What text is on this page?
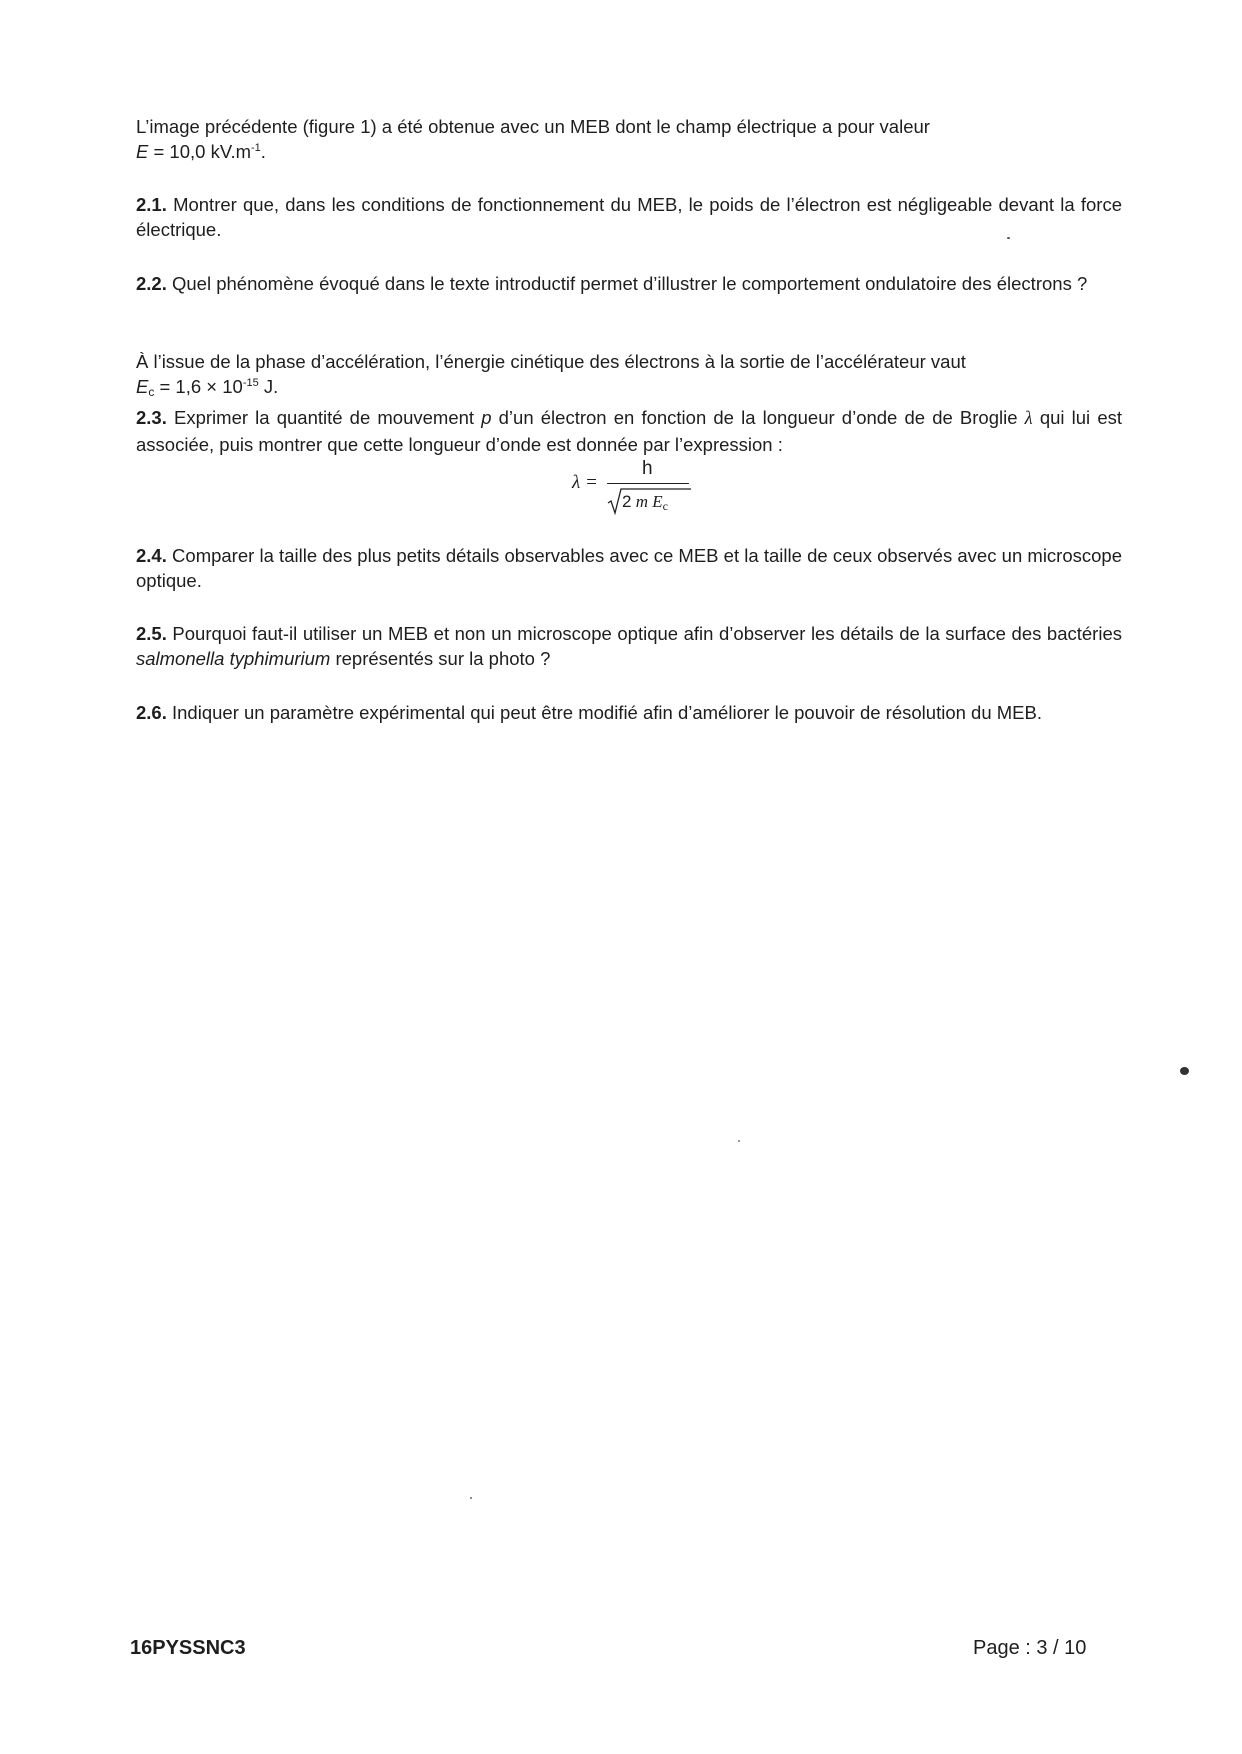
L’image précédente (figure 1) a été obtenue avec un MEB dont le champ électrique a pour valeur
E = 10,0 $kV.m^{-1}$.
2.1. Montrer que, dans les conditions de fonctionnement du MEB, le poids de l’électron est négligeable devant la force électrique.
2.2. Quel phénomène évoqué dans le texte introductif permet d’illustrer le comportement ondulatoire des électrons ?
À l’issue de la phase d’accélération, l’énergie cinétique des électrons à la sortie de l’accélérateur vaut
$E_c = 1,6 \times 10^{-15}$ J.
2.3. Exprimer la quantité de mouvement p d’un électron en fonction de la longueur d’onde de de Broglie λ qui lui est associée, puis montrer que cette longueur d’onde est donnée par l’expression :
λ =
h
2 m $E_c$
2.4. Comparer la taille des plus petits détails observables avec ce MEB et la taille de ceux observés avec un microscope optique.
2.5. Pourquoi faut-il utiliser un MEB et non un microscope optique afin d’observer les détails de la surface des bactéries salmonella typhimurium représentés sur la photo ?
2.6. Indiquer un paramètre expérimental qui peut être modifié afin d’améliorer le pouvoir de résolution du MEB.
16PYSSNC3	Page : 3 / 10
